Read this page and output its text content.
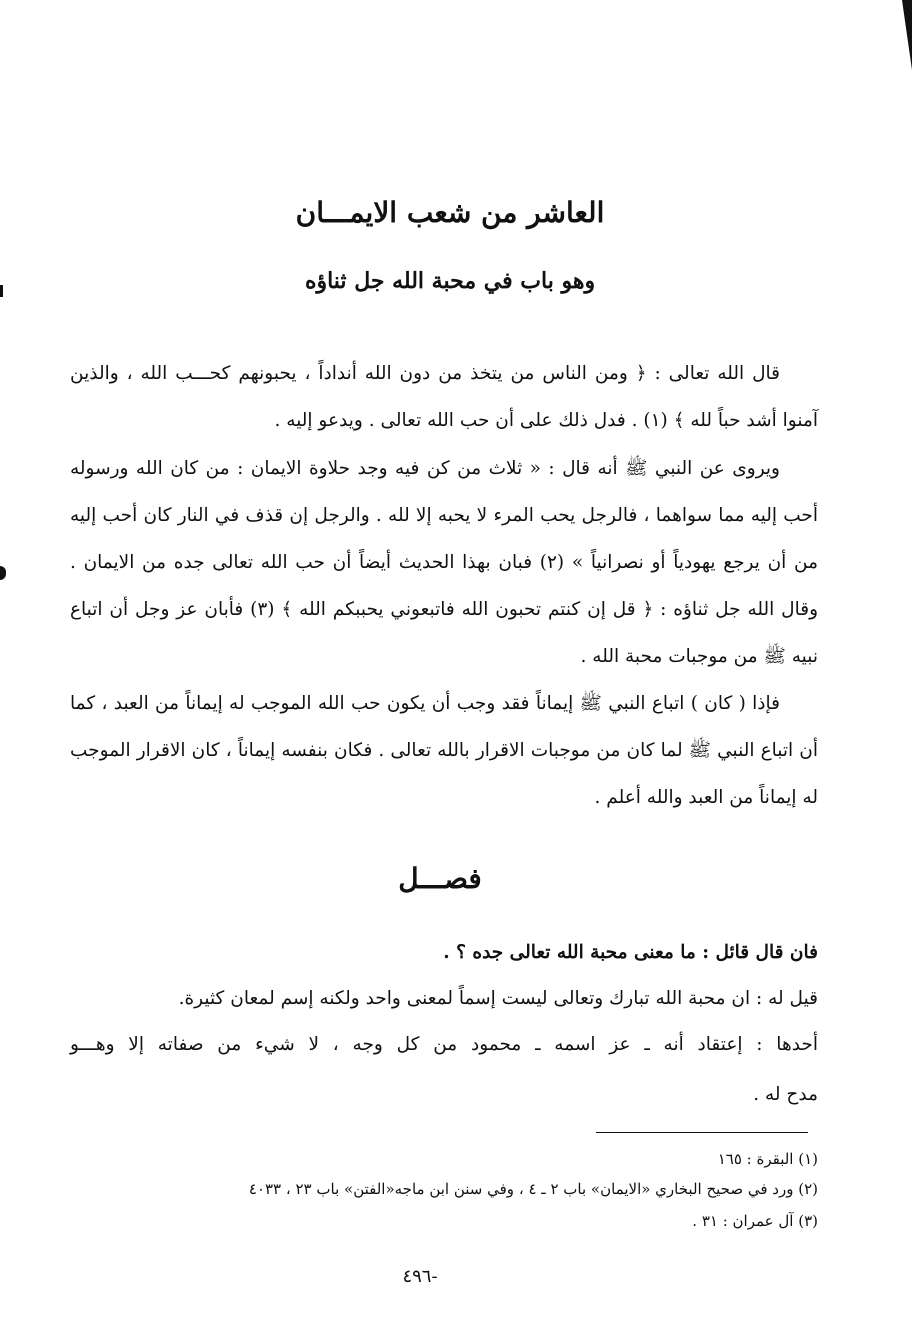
العاشر من شعب الايمـــان
وهو باب في محبة الله جل ثناؤه
قال الله تعالى : ﴿ ومن الناس من يتخذ من دون الله أنداداً ، يحبونهم كحـــب الله ، والذين آمنوا أشد حباً لله ﴾ (١) . فدل ذلك على أن حب الله تعالى . ويدعو إليه .
ويروى عن النبي ﷺ أنه قال : « ثلاث من كن فيه وجد حلاوة الايمان : من كان الله ورسوله أحب إليه مما سواهما ، فالرجل يحب المرء لا يحبه إلا لله . والرجل إن قذف في النار كان أحب إليه من أن يرجع يهودياً أو نصرانياً » (٢) فبان بهذا الحديث أيضاً أن حب الله تعالى جده من الايمان . وقال الله جل ثناؤه : ﴿ قل إن كنتم تحبون الله فاتبعوني يحببكم الله ﴾ (٣) فأبان عز وجل أن اتباع نبيه ﷺ من موجبات محبة الله .
فإذا ( كان ) اتباع النبي ﷺ إيماناً فقد وجب أن يكون حب الله الموجب له إيماناً من العبد ، كما أن اتباع النبي ﷺ لما كان من موجبات الاقرار بالله تعالى . فكان بنفسه إيماناً ، كان الاقرار الموجب له إيماناً من العبد والله أعلم .
فصـــل
فان قال قائل : ما معنى محبة الله تعالى جده ؟ .
قيل له : ان محبة الله تبارك وتعالى ليست إسماً لمعنى واحد ولكنه إسم لمعان كثيرة.
أحدها : إعتقاد أنه ـ عز اسمه ـ محمود من كل وجه ، لا شيء من صفاته إلا وهـــو
مدح له .
(١) البقرة : ١٦٥
(٢) ورد في صحيح البخاري «الايمان» باب ٢ ـ ٤ ، وفي سنن ابن ماجه«الفتن» باب ٢٣ ، ٤٠٣٣
(٣) آل عمران : ٣١ .
-٤٩٦
